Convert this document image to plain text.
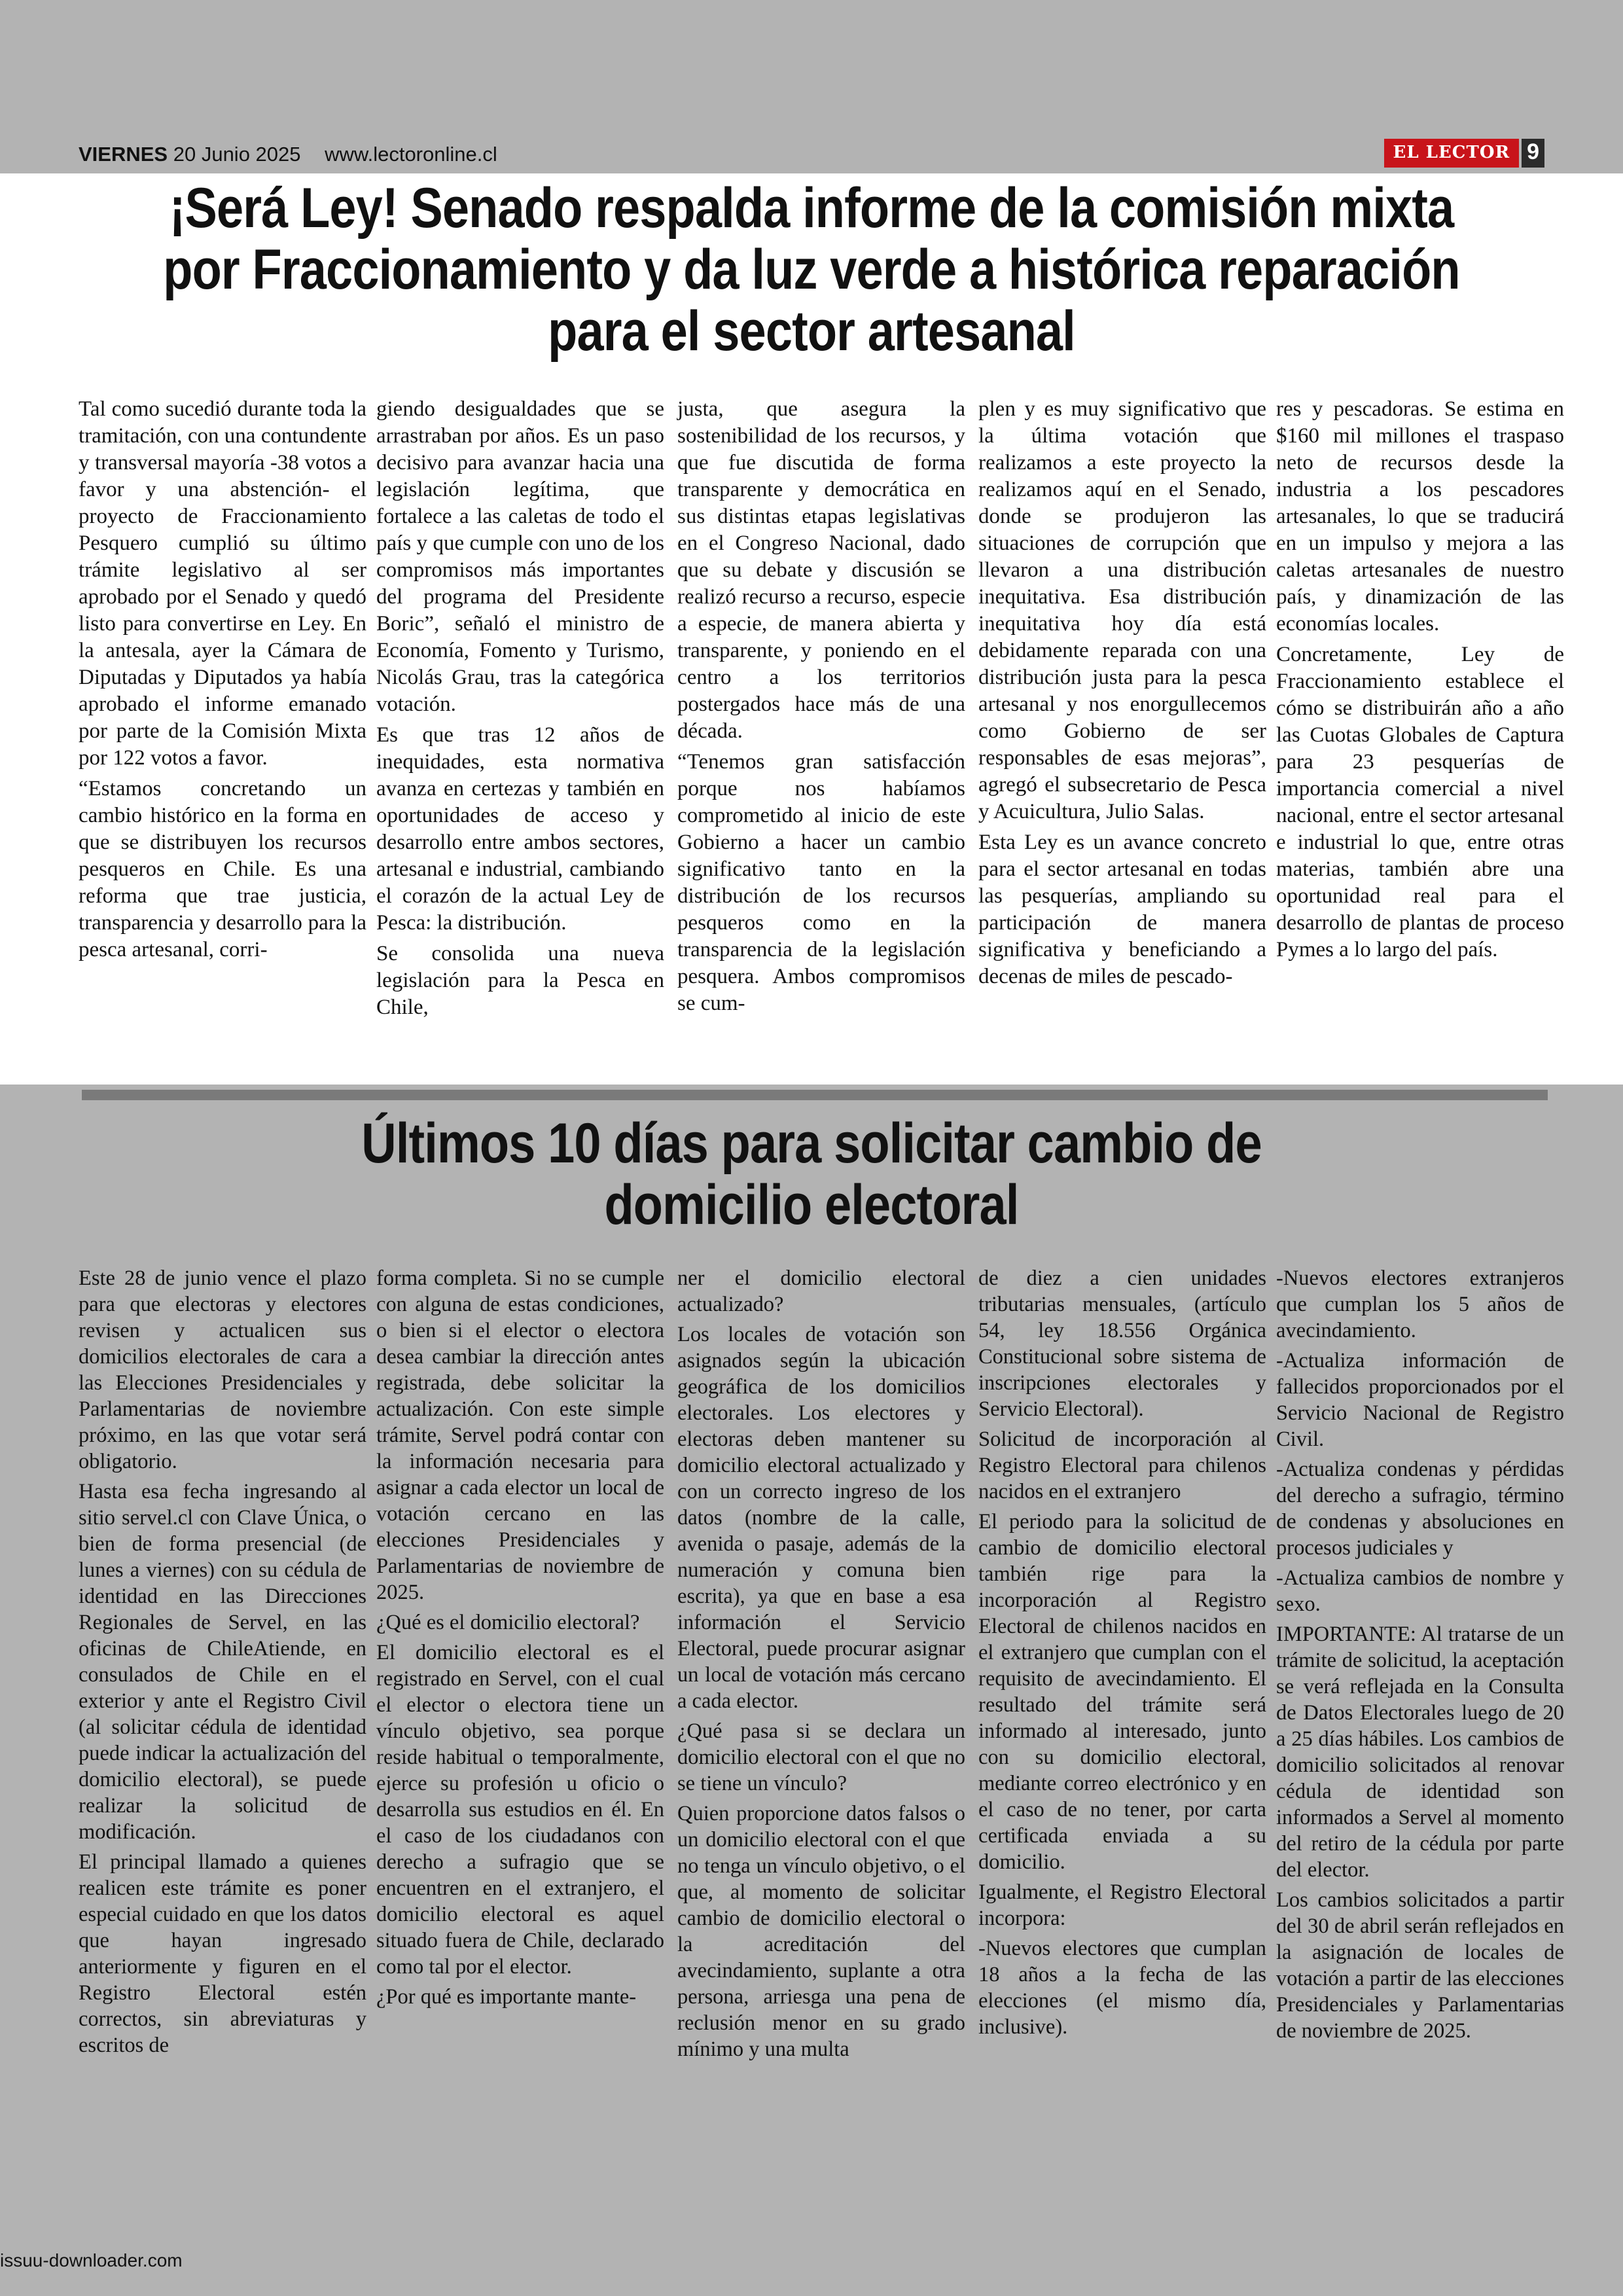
VIERNES 20 Junio 2025 www.lectoronline.cl	EL LECTOR 9
¡Será Ley! Senado respalda informe de la comisión mixta
por Fraccionamiento y da luz verde a histórica reparación
para el sector artesanal

Tal como sucedió durante toda la tramitación, con una contundente y transversal mayoría -38 votos a favor y una abstención- el proyecto de Fraccionamiento Pesquero cumplió su último trámite legislativo al ser aprobado por el Senado y quedó listo para convertirse en Ley. En la antesala, ayer la Cámara de Diputadas y Diputados ya había aprobado el informe emanado por parte de la Comisión Mixta por 122 votos a favor.

“Estamos concretando un cambio histórico en la forma en que se distribuyen los recursos pesqueros en Chile. Es una reforma que trae justicia, transparencia y desarrollo para la pesca artesanal, corri-

giendo desigualdades que se arrastraban por años. Es un paso decisivo para avanzar hacia una legislación legítima, que fortalece a las caletas de todo el país y que cumple con uno de los compromisos más importantes del programa del Presidente Boric”, señaló el ministro de Economía, Fomento y Turismo, Nicolás Grau, tras la categórica votación.

Es que tras 12 años de inequidades, esta normativa avanza en certezas y también en oportunidades de acceso y desarrollo entre ambos sectores, artesanal e industrial, cambiando el corazón de la actual Ley de Pesca: la distribución.

Se consolida una nueva legislación para la Pesca en Chile,

justa, que asegura la sostenibilidad de los recursos, y que fue discutida de forma transparente y democrática en sus distintas etapas legislativas en el Congreso Nacional, dado que su debate y discusión se realizó recurso a recurso, especie a especie, de manera abierta y transparente, y poniendo en el centro a los territorios postergados hace más de una década.

“Tenemos gran satisfacción porque nos habíamos comprometido al inicio de este Gobierno a hacer un cambio significativo tanto en la distribución de los recursos pesqueros como en la transparencia de la legislación pesquera. Ambos compromisos se cum-

plen y es muy significativo que la última votación que realizamos a este proyecto la realizamos aquí en el Senado, donde se produjeron las situaciones de corrupción que llevaron a una distribución inequitativa. Esa distribución inequitativa hoy día está debidamente reparada con una distribución justa para la pesca artesanal y nos enorgullecemos como Gobierno de ser responsables de esas mejoras”, agregó el subsecretario de Pesca y Acuicultura, Julio Salas.

Esta Ley es un avance concreto para el sector artesanal en todas las pesquerías, ampliando su participación de manera significativa y beneficiando a decenas de miles de pescado-

res y pescadoras. Se estima en $160 mil millones el traspaso neto de recursos desde la industria a los pescadores artesanales, lo que se traducirá en un impulso y mejora a las caletas artesanales de nuestro país, y dinamización de las economías locales.

Concretamente, Ley de Fraccionamiento establece el cómo se distribuirán año a año las Cuotas Globales de Captura para 23 pesquerías de importancia comercial a nivel nacional, entre el sector artesanal e industrial lo que, entre otras materias, también abre una oportunidad real para el desarrollo de plantas de proceso Pymes a lo largo del país.

Últimos 10 días para solicitar cambio de
domicilio electoral

Este 28 de junio vence el plazo para que electoras y electores revisen y actualicen sus domicilios electorales de cara a las Elecciones Presidenciales y Parlamentarias de noviembre próximo, en las que votar será obligatorio.

Hasta esa fecha ingresando al sitio servel.cl con Clave Única, o bien de forma presencial (de lunes a viernes) con su cédula de identidad en las Direcciones Regionales de Servel, en las oficinas de ChileAtiende, en consulados de Chile en el exterior y ante el Registro Civil (al solicitar cédula de identidad puede indicar la actualización del domicilio electoral), se puede realizar la solicitud de modificación.

El principal llamado a quienes realicen este trámite es poner especial cuidado en que los datos que hayan ingresado anteriormente y figuren en el Registro Electoral estén correctos, sin abreviaturas y escritos de

forma completa. Si no se cumple con alguna de estas condiciones, o bien si el elector o electora desea cambiar la dirección antes registrada, debe solicitar la actualización. Con este simple trámite, Servel podrá contar con la información necesaria para asignar a cada elector un local de votación cercano en las elecciones Presidenciales y Parlamentarias de noviembre de 2025.

¿Qué es el domicilio electoral?

El domicilio electoral es el registrado en Servel, con el cual el elector o electora tiene un vínculo objetivo, sea porque reside habitual o temporalmente, ejerce su profesión u oficio o desarrolla sus estudios en él. En el caso de los ciudadanos con derecho a sufragio que se encuentren en el extranjero, el domicilio electoral es aquel situado fuera de Chile, declarado como tal por el elector.

¿Por qué es importante mante-

ner el domicilio electoral actualizado?

Los locales de votación son asignados según la ubicación geográfica de los domicilios electorales. Los electores y electoras deben mantener su domicilio electoral actualizado y con un correcto ingreso de los datos (nombre de la calle, avenida o pasaje, además de la numeración y comuna bien escrita), ya que en base a esa información el Servicio Electoral, puede procurar asignar un local de votación más cercano a cada elector.

¿Qué pasa si se declara un domicilio electoral con el que no se tiene un vínculo?

Quien proporcione datos falsos o un domicilio electoral con el que no tenga un vínculo objetivo, o el que, al momento de solicitar cambio de domicilio electoral o la acreditación del avecindamiento, suplante a otra persona, arriesga una pena de reclusión menor en su grado mínimo y una multa

de diez a cien unidades tributarias mensuales, (artículo 54, ley 18.556 Orgánica Constitucional sobre sistema de inscripciones electorales y Servicio Electoral).

Solicitud de incorporación al Registro Electoral para chilenos nacidos en el extranjero

El periodo para la solicitud de cambio de domicilio electoral también rige para la incorporación al Registro Electoral de chilenos nacidos en el extranjero que cumplan con el requisito de avecindamiento. El resultado del trámite será informado al interesado, junto con su domicilio electoral, mediante correo electrónico y en el caso de no tener, por carta certificada enviada a su domicilio.

Igualmente, el Registro Electoral incorpora:

-Nuevos electores que cumplan 18 años a la fecha de las elecciones (el mismo día, inclusive).

-Nuevos electores extranjeros que cumplan los 5 años de avecindamiento.

-Actualiza información de fallecidos proporcionados por el Servicio Nacional de Registro Civil.

-Actualiza condenas y pérdidas del derecho a sufragio, término de condenas y absoluciones en procesos judiciales y

-Actualiza cambios de nombre y sexo.

IMPORTANTE: Al tratarse de un trámite de solicitud, la aceptación se verá reflejada en la Consulta de Datos Electorales luego de 20 a 25 días hábiles. Los cambios de domicilio solicitados al renovar cédula de identidad son informados a Servel al momento del retiro de la cédula por parte del elector.

Los cambios solicitados a partir del 30 de abril serán reflejados en la asignación de locales de votación a partir de las elecciones Presidenciales y Parlamentarias de noviembre de 2025.

issuu-downloader.com
